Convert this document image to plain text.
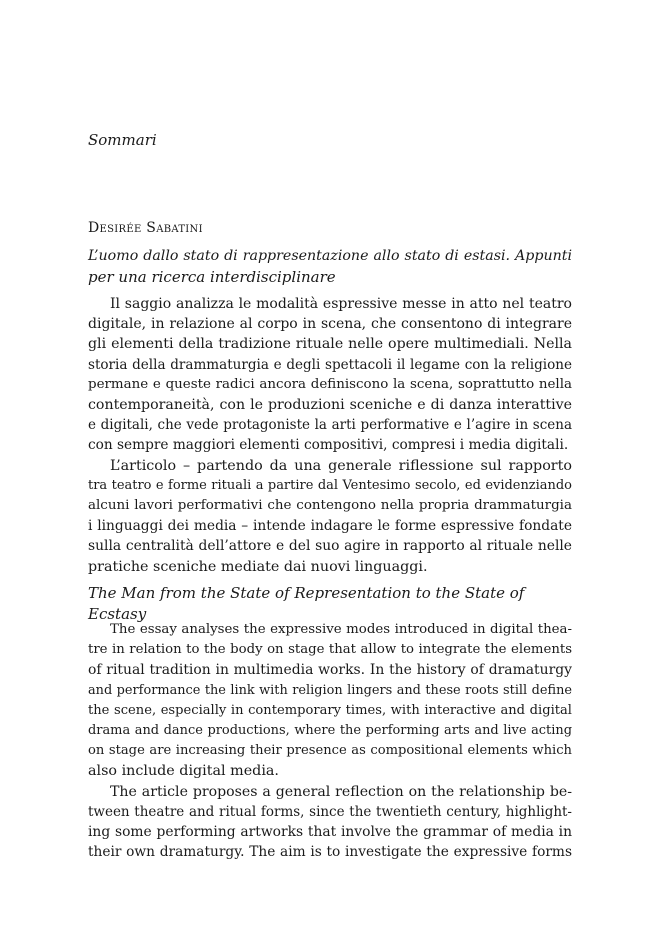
Sommari
Desirée Sabatini
L’uomo dallo stato di rappresentazione allo stato di estasi. Appunti
per una ricerca interdisciplinare
Il saggio analizza le modalità espressive messe in atto nel teatro
digitale, in relazione al corpo in scena, che consentono di integrare
gli elementi della tradizione rituale nelle opere multimediali. Nella
storia della drammaturgia e degli spettacoli il legame con la religione
permane e queste radici ancora definiscono la scena, soprattutto nella
contemporaneità, con le produzioni sceniche e di danza interattive
e digitali, che vede protagoniste la arti performative e l’agire in scena
con sempre maggiori elementi compositivi, compresi i media digitali.
L’articolo – partendo da una generale riflessione sul rapporto
tra teatro e forme rituali a partire dal Ventesimo secolo, ed evidenziando
alcuni lavori performativi che contengono nella propria drammaturgia
i linguaggi dei media – intende indagare le forme espressive fondate
sulla centralità dell’attore e del suo agire in rapporto al rituale nelle
pratiche sceniche mediate dai nuovi linguaggi.
The Man from the State of Representation to the State of Ecstasy
The essay analyses the expressive modes introduced in digital thea-
tre in relation to the body on stage that allow to integrate the elements
of ritual tradition in multimedia works. In the history of dramaturgy
and performance the link with religion lingers and these roots still define
the scene, especially in contemporary times, with interactive and digital
drama and dance productions, where the performing arts and live acting
on stage are increasing their presence as compositional elements which
also include digital media.
The article proposes a general reflection on the relationship be-
tween theatre and ritual forms, since the twentieth century, highlight-
ing some performing artworks that involve the grammar of media in
their own dramaturgy. The aim is to investigate the expressive forms
